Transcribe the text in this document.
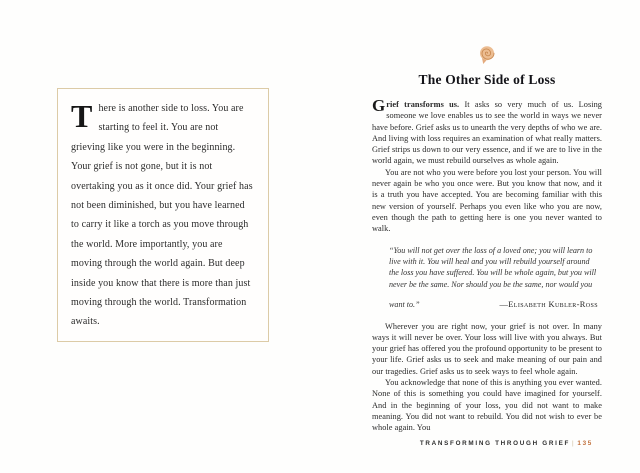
There is another side to loss. You are starting to feel it. You are not grieving like you were in the beginning. Your grief is not gone, but it is not overtaking you as it once did. Your grief has not been diminished, but you have learned to carry it like a torch as you move through the world. More importantly, you are moving through the world again. But deep inside you know that there is more than just moving through the world. Transformation awaits.
The Other Side of Loss

Grief transforms us. It asks so very much of us. Losing someone we love enables us to see the world in ways we never have before. Grief asks us to unearth the very depths of who we are. And living with loss requires an examination of what really matters. Grief strips us down to our very essence, and if we are to live in the world again, we must rebuild ourselves as whole again.

You are not who you were before you lost your person. You will never again be who you once were. But you know that now, and it is a truth you have accepted. You are becoming familiar with this new version of yourself. Perhaps you even like who you are now, even though the path to getting here is one you never wanted to walk.

“You will not get over the loss of a loved one; you will learn to live with it. You will heal and you will rebuild yourself around the loss you have suffered. You will be whole again, but you will never be the same. Nor should you be the same, nor would you
want to.”	—Elisabeth Kubler-Ross

Wherever you are right now, your grief is not over. In many ways it will never be over. Your loss will live with you always. But your grief has offered you the profound opportunity to be present to your life. Grief asks us to seek and make meaning of our pain and our tragedies. Grief asks us to seek ways to feel whole again.

You acknowledge that none of this is anything you ever wanted. None of this is something you could have imagined for yourself. And in the beginning of your loss, you did not want to make meaning. You did not want to rebuild. You did not wish to ever be whole again. You

TRANSFORMING THROUGH GRIEF | 135
